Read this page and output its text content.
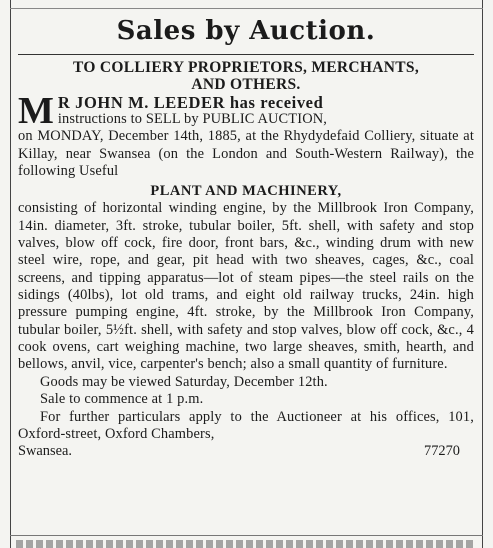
Sales by Auction.
TO COLLIERY PROPRIETORS, MERCHANTS,
AND OTHERS.
M R JOHN M. LEEDER has received
instructions to SELL by PUBLIC AUCTION,
on MONDAY, December 14th, 1885, at the Rhydydefaid Colliery, situate at Killay, near Swansea (on the London and South-Western Railway), the following Useful
PLANT AND MACHINERY,
consisting of horizontal winding engine, by the Millbrook Iron Company, 14in. diameter, 3ft. stroke, tubular boiler, 5ft. shell, with safety and stop valves, blow off cock, fire door, front bars, &c., winding drum with new steel wire, rope, and gear, pit head with two sheaves, cages, &c., coal screens, and tipping apparatus—lot of steam pipes—the steel rails on the sidings (40lbs), lot old trams, and eight old railway trucks, 24in. high pressure pumping engine, 4ft. stroke, by the Millbrook Iron Company, tubular boiler, 5½ft. shell, with safety and stop valves, blow off cock, &c., 4 cook ovens, cart weighing machine, two large sheaves, smith, hearth, and bellows, anvil, vice, carpenter's bench; also a small quantity of furniture.
Goods may be viewed Saturday, December 12th.
Sale to commence at 1 p.m.
For further particulars apply to the Auctioneer at his offices, 101, Oxford-street, Oxford Chambers,
Swansea.	77270
